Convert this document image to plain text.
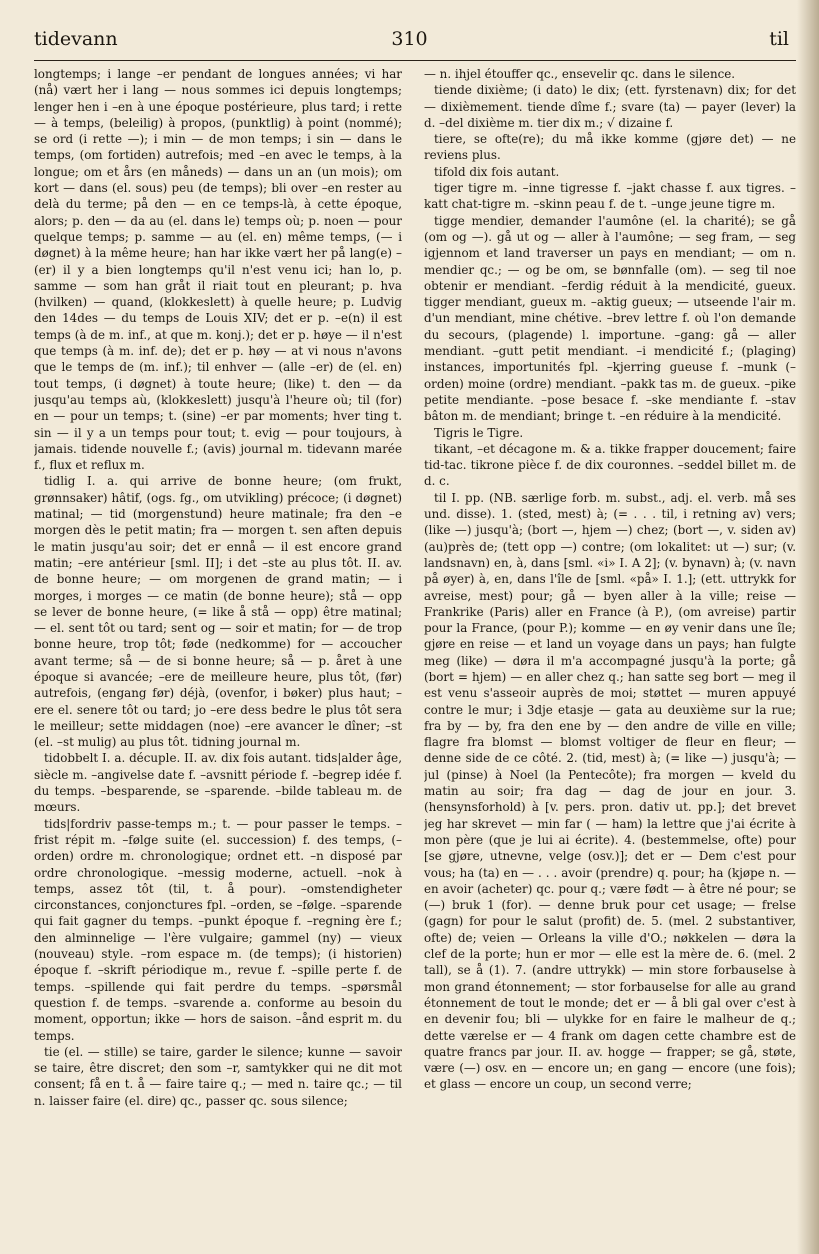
tidevann	310	til

longtemps; i lange –er pendant de longues années; vi har (nå) vært her i lang — nous sommes ici depuis longtemps; lenger hen i –en à une époque postérieure, plus tard; i rette — à temps, (beleilig) à propos, (punktlig) à point (nommé); se ord (i rette —); i min — de mon temps; i sin — dans le temps, (om fortiden) autrefois; med –en avec le temps, à la longue; om et års (en måneds) — dans un an (un mois); om kort — dans (el. sous) peu (de temps); bli over –en rester au delà du terme; på den — en ce temps-là, à cette époque, alors; p. den — da au (el. dans le) temps où; p. noen — pour quelque temps; p. samme — au (el. en) même temps, (— i døgnet) à la même heure; han har ikke vært her på lang(e) –(er) il y a bien longtemps qu'il n'est venu ici; han lo, p. samme — som han gråt il riait tout en pleurant; p. hva (hvilken) — quand, (klokkeslett) à quelle heure; p. Ludvig den 14des — du temps de Louis XIV; det er p. –e(n) il est temps (à de m. inf., at que m. konj.); det er p. høye — il n'est que temps (à m. inf. de); det er p. høy — at vi nous n'avons que le temps de (m. inf.); til enhver — (alle –er) de (el. en) tout temps, (i døgnet) à toute heure; (like) t. den — da jusqu'au temps aù, (klokkeslett) jusqu'à l'heure où; til (for) en — pour un temps; t. (sine) –er par moments; hver ting t. sin — il y a un temps pour tout; t. evig — pour toujours, à jamais. tidende nouvelle f.; (avis) journal m. tidevann marée f., flux et reflux m.

tidlig I. a. qui arrive de bonne heure; (om frukt, grønnsaker) hâtif, (ogs. fg., om utvikling) précoce; (i døgnet) matinal; — tid (morgenstund) heure matinale; fra den –e morgen dès le petit matin; fra — morgen t. sen aften depuis le matin jusqu'au soir; det er ennå — il est encore grand matin; –ere antérieur [sml. II]; i det –ste au plus tôt. II. av. de bonne heure; — om morgenen de grand matin; — i morges, i morges — ce matin (de bonne heure); stå — opp se lever de bonne heure, (= like å stå — opp) être matinal; — el. sent tôt ou tard; sent og — soir et matin; for — de trop bonne heure, trop tôt; føde (nedkomme) for — accoucher avant terme; så — de si bonne heure; så — p. året à une époque si avancée; –ere de meilleure heure, plus tôt, (før) autrefois, (engang før) déjà, (ovenfor, i bøker) plus haut; –ere el. senere tôt ou tard; jo –ere dess bedre le plus tôt sera le meilleur; sette middagen (noe) –ere avancer le dîner; –st (el. –st mulig) au plus tôt. tidning journal m.

tidobbelt I. a. décuple. II. av. dix fois autant. tids|alder âge, siècle m. –angivelse date f. –avsnitt période f. –begrep idée f. du temps. –besparende, se –sparende. –bilde tableau m. de mœurs.

tids|fordriv passe-temps m.; t. — pour passer le temps. –frist répit m. –følge suite (el. succession) f. des temps, (–orden) ordre m. chronologique; ordnet ett. –n disposé par ordre chronologique. –messig moderne, actuell. –nok à temps, assez tôt (til, t. å pour). –omstendigheter circonstances, conjonctures fpl. –orden, se –følge. –sparende qui fait gagner du temps. –punkt époque f. –regning ère f.; den alminnelige — l'ère vulgaire; gammel (ny) — vieux (nouveau) style. –rom espace m. (de temps); (i historien) époque f. –skrift périodique m., revue f. –spille perte f. de temps. –spillende qui fait perdre du temps. –spørsmål question f. de temps. –svarende a. conforme au besoin du moment, opportun; ikke — hors de saison. –ånd esprit m. du temps.

tie (el. — stille) se taire, garder le silence; kunne — savoir se taire, être discret; den som –r, samtykker qui ne dit mot consent; få en t. å — faire taire q.; — med n. taire qc.; — til n. laisser faire (el. dire) qc., passer qc. sous silence;

— n. ihjel étouffer qc., ensevelir qc. dans le silence.

tiende dixième; (i dato) le dix; (ett. fyrstenavn) dix; for det — dixièmement. tiende dîme f.; svare (ta) — payer (lever) la d. –del dixième m. tier dix m.; √ dizaine f.

tiere, se ofte(re); du må ikke komme (gjøre det) — ne reviens plus.

tifold dix fois autant.

tiger tigre m. –inne tigresse f. –jakt chasse f. aux tigres. –katt chat-tigre m. –skinn peau f. de t. –unge jeune tigre m.

tigge mendier, demander l'aumône (el. la charité); se gå (om og —). gå ut og — aller à l'aumône; — seg fram, — seg igjennom et land traverser un pays en mendiant; — om n. mendier qc.; — og be om, se bønnfalle (om). — seg til noe obtenir er mendiant. –ferdig réduit à la mendicité, gueux. tigger mendiant, gueux m. –aktig gueux; — utseende l'air m. d'un mendiant, mine chétive. –brev lettre f. où l'on demande du secours, (plagende) l. importune. –gang: gå — aller mendiant. –gutt petit mendiant. –i mendicité f.; (plaging) instances, importunités fpl. –kjerring gueuse f. –munk (–orden) moine (ordre) mendiant. –pakk tas m. de gueux. –pike petite mendiante. –pose besace f. –ske mendiante f. –stav bâton m. de mendiant; bringe t. –en réduire à la mendicité.

Tigris le Tigre.

tikant, –et décagone m. & a. tikke frapper doucement; faire tid-tac. tikrone pièce f. de dix couronnes. –seddel billet m. de d. c.

til I. pp. (NB. særlige forb. m. subst., adj. el. verb. må ses und. disse). 1. (sted, mest) à; (= . . . til, i retning av) vers; (like —) jusqu'à; (bort —, hjem —) chez; (bort —, v. siden av) (au)près de; (tett opp —) contre; (om lokalitet: ut —) sur; (v. landsnavn) en, à, dans [sml. «i» I. A 2]; (v. bynavn) à; (v. navn på øyer) à, en, dans l'île de [sml. «på» I. 1.]; (ett. uttrykk for avreise, mest) pour; gå — byen aller à la ville; reise — Frankrike (Paris) aller en France (à P.), (om avreise) partir pour la France, (pour P.); komme — en øy venir dans une île; gjøre en reise — et land un voyage dans un pays; han fulgte meg (like) — døra il m'a accompagné jusqu'à la porte; gå (bort = hjem) — en aller chez q.; han satte seg bort — meg il est venu s'asseoir auprès de moi; støttet — muren appuyé contre le mur; i 3dje etasje — gata au deuxième sur la rue; fra by — by, fra den ene by — den andre de ville en ville; flagre fra blomst — blomst voltiger de fleur en fleur; — denne side de ce côté. 2. (tid, mest) à; (= like —) jusqu'à; — jul (pinse) à Noel (la Pentecôte); fra morgen — kveld du matin au soir; fra dag — dag de jour en jour. 3. (hensynsforhold) à [v. pers. pron. dativ ut. pp.]; det brevet jeg har skrevet — min far ( — ham) la lettre que j'ai écrite à mon père (que je lui ai écrite). 4. (bestemmelse, ofte) pour [se gjøre, utnevne, velge (osv.)]; det er — Dem c'est pour vous; ha (ta) en — . . . avoir (prendre) q. pour; ha (kjøpe n. — en avoir (acheter) qc. pour q.; være født — à être né pour; se (—) bruk 1 (for). — denne bruk pour cet usage; — frelse (gagn) for pour le salut (profit) de. 5. (mel. 2 substantiver, ofte) de; veien — Orleans la ville d'O.; nøkkelen — døra la clef de la porte; hun er mor — elle est la mère de. 6. (mel. 2 tall), se å (1). 7. (andre uttrykk) — min store forbauselse à mon grand étonnement; — stor forbauselse for alle au grand étonnement de tout le monde; det er — å bli gal over c'est à en devenir fou; bli — ulykke for en faire le malheur de q.; dette værelse er — 4 frank om dagen cette chambre est de quatre francs par jour. II. av. hogge — frapper; se gå, støte, være (—) osv. en — encore un; en gang — encore (une fois); et glass — encore un coup, un second verre;
